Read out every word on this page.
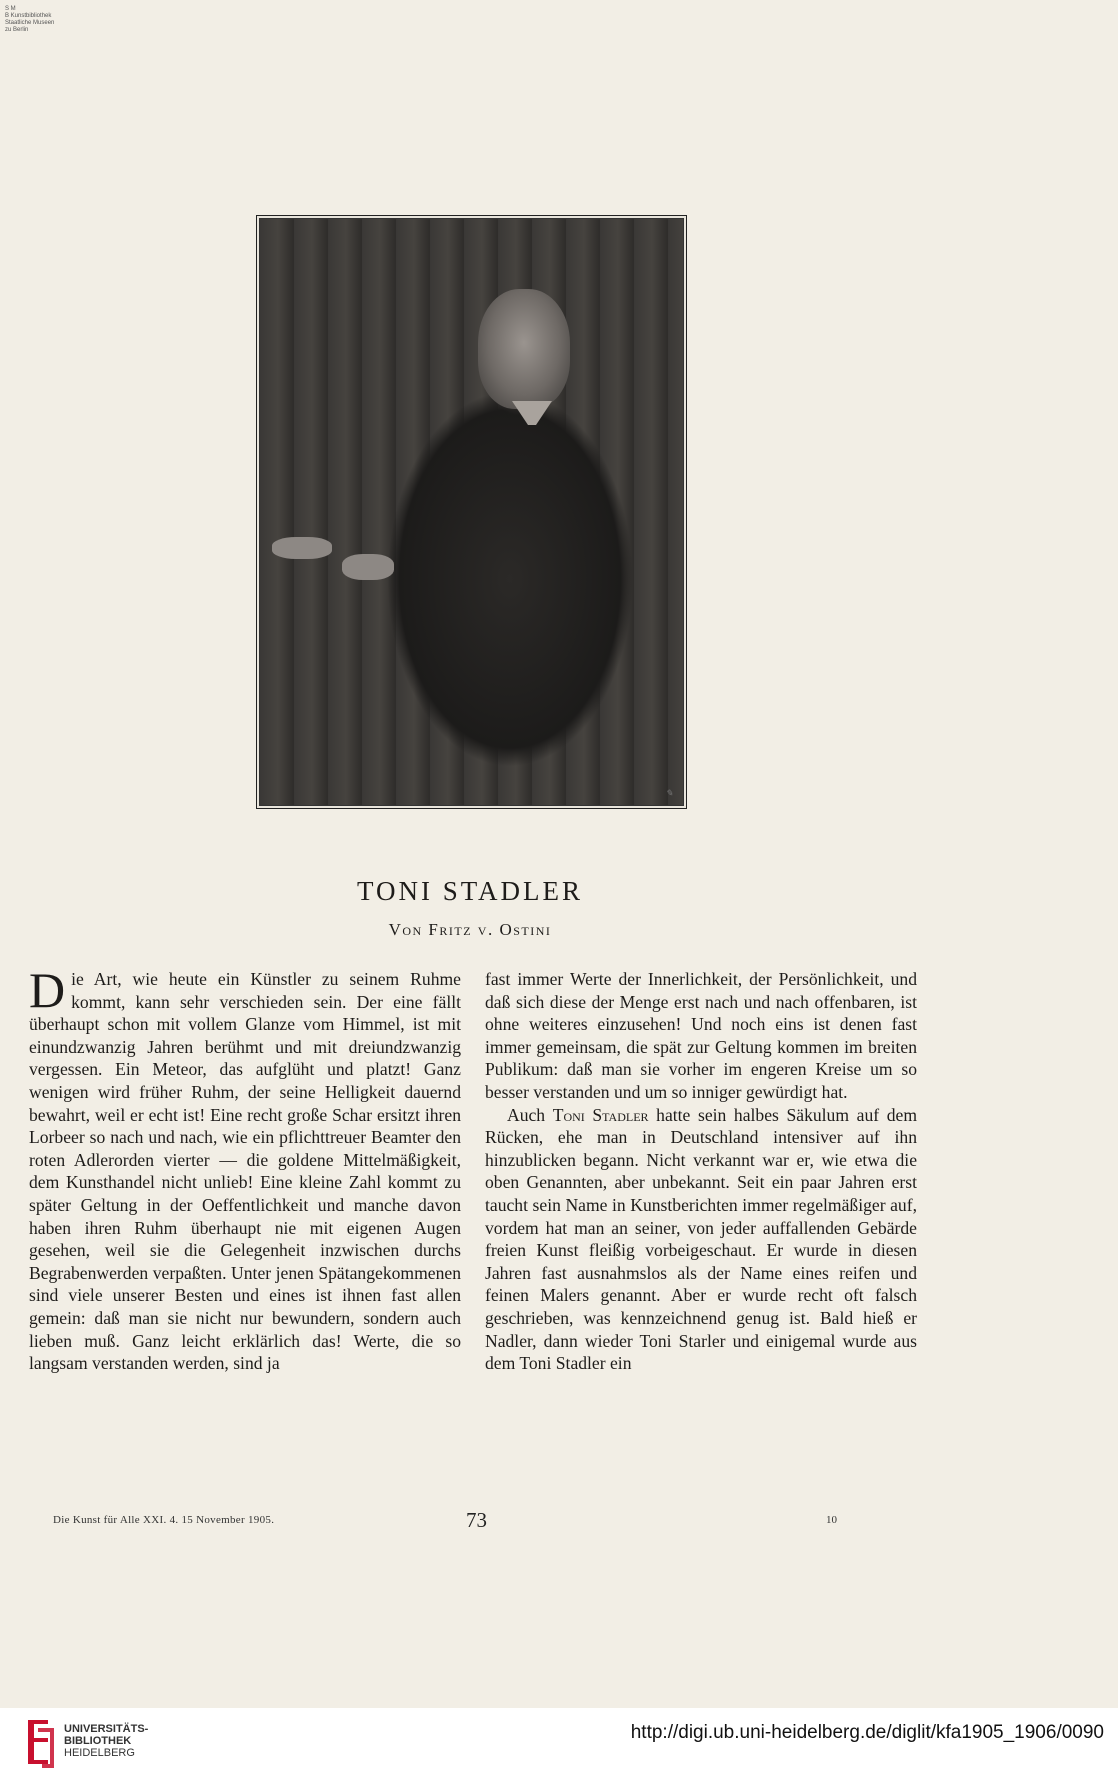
S M
B Kunstbibliothek
Staatliche Museen
zu Berlin
✎
TONI STADLER
Von Fritz v. Ostini

Die Art, wie heute ein Künstler zu seinem Ruhme kommt, kann sehr verschieden sein. Der eine fällt überhaupt schon mit vollem Glanze vom Himmel, ist mit einundzwanzig Jahren berühmt und mit dreiundzwanzig vergessen. Ein Meteor, das aufglüht und platzt! Ganz wenigen wird früher Ruhm, der seine Helligkeit dauernd bewahrt, weil er echt ist! Eine recht große Schar ersitzt ihren Lorbeer so nach und nach, wie ein pflichttreuer Beamter den roten Adlerorden vierter — die goldene Mittelmäßigkeit, dem Kunsthandel nicht unlieb! Eine kleine Zahl kommt zu später Geltung in der Oeffentlichkeit und manche davon haben ihren Ruhm überhaupt nie mit eigenen Augen gesehen, weil sie die Gelegenheit inzwischen durchs Begrabenwerden verpaßten. Unter jenen Spätangekommenen sind viele unserer Besten und eines ist ihnen fast allen gemein: daß man sie nicht nur bewundern, sondern auch lieben muß. Ganz leicht erklärlich das! Werte, die so langsam verstanden werden, sind ja

fast immer Werte der Innerlichkeit, der Persönlichkeit, und daß sich diese der Menge erst nach und nach offenbaren, ist ohne weiteres einzusehen! Und noch eins ist denen fast immer gemeinsam, die spät zur Geltung kommen im breiten Publikum: daß man sie vorher im engeren Kreise um so besser verstanden und um so inniger gewürdigt hat.

Auch Toni Stadler hatte sein halbes Säkulum auf dem Rücken, ehe man in Deutschland intensiver auf ihn hinzublicken begann. Nicht verkannt war er, wie etwa die oben Genannten, aber unbekannt. Seit ein paar Jahren erst taucht sein Name in Kunstberichten immer regelmäßiger auf, vordem hat man an seiner, von jeder auffallenden Gebärde freien Kunst fleißig vorbeigeschaut. Er wurde in diesen Jahren fast ausnahmslos als der Name eines reifen und feinen Malers genannt. Aber er wurde recht oft falsch geschrieben, was kennzeichnend genug ist. Bald hieß er Nadler, dann wieder Toni Starler und einigemal wurde aus dem Toni Stadler ein

Die Kunst für Alle XXI. 4. 15 November 1905.	73	10
UNIVERSITÄTS-
BIBLIOTHEK
HEIDELBERG
http://digi.ub.uni-heidelberg.de/diglit/kfa1905_1906/0090
